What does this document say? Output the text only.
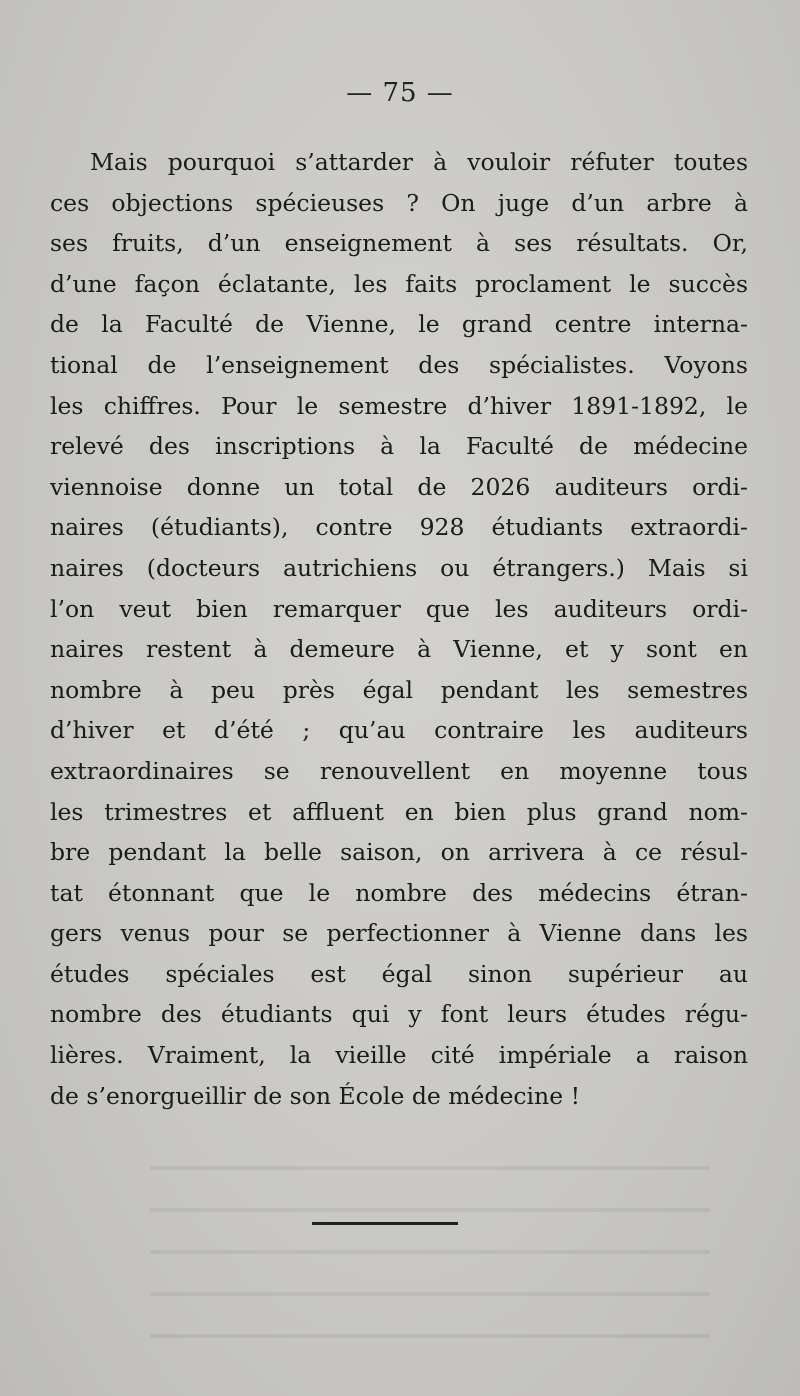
— 75 —
Mais pourquoi s’attarder à vouloir réfuter toutes
ces objections spécieuses ? On juge d’un arbre à
ses fruits, d’un enseignement à ses résultats. Or,
d’une façon éclatante, les faits proclament le succès
de la Faculté de Vienne, le grand centre interna-
tional de l’enseignement des spécialistes. Voyons
les chiffres. Pour le semestre d’hiver 1891-1892, le
relevé des inscriptions à la Faculté de médecine
viennoise donne un total de 2026 auditeurs ordi-
naires (étudiants), contre 928 étudiants extraordi-
naires (docteurs autrichiens ou étrangers.) Mais si
l’on veut bien remarquer que les auditeurs ordi-
naires restent à demeure à Vienne, et y sont en
nombre à peu près égal pendant les semestres
d’hiver et d’été ; qu’au contraire les auditeurs
extraordinaires se renouvellent en moyenne tous
les trimestres et affluent en bien plus grand nom-
bre pendant la belle saison, on arrivera à ce résul-
tat étonnant que le nombre des médecins étran-
gers venus pour se perfectionner à Vienne dans les
études spéciales est égal sinon supérieur au
nombre des étudiants qui y font leurs études régu-
lières. Vraiment, la vieille cité impériale a raison
de s’enorgueillir de son École de médecine !
